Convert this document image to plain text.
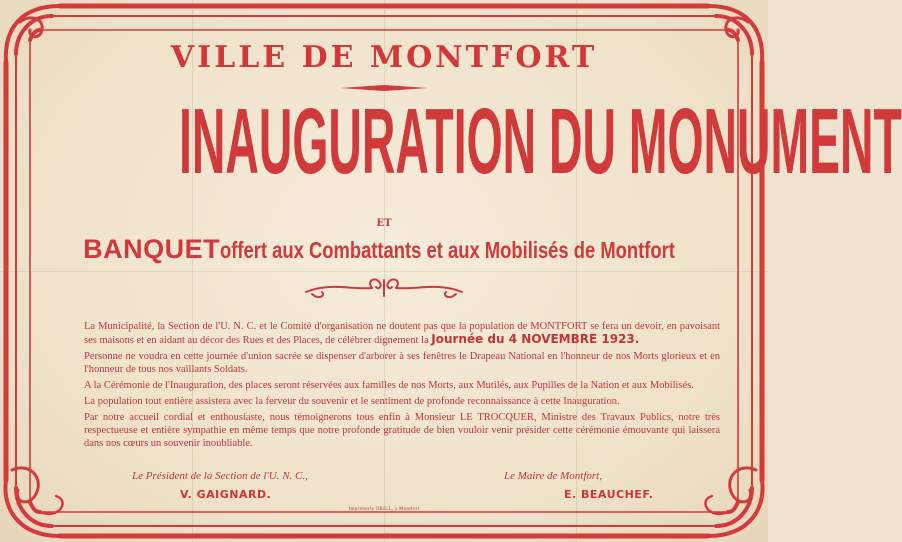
VILLE DE MONTFORT
INAUGURATION DU MONUMENT
ET
BANQUEToffert aux Combattants et aux Mobilisés de Montfort

La Municipalité, la Section de l'U. N. C. et le Comité d'organisation ne doutent pas que la population de MONTFORT se fera un devoir, en pavoisant ses maisons et en aidant au décor des Rues et des Places, de célébrer dignement la Journée du 4 NOVEMBRE 1923.

Personne ne voudra en cette journée d'union sacrée se dispenser d'arborer à ses fenêtres le Drapeau National en l'honneur de nos Morts glorieux et en l'honneur de tous nos vaillants Soldats.

A la Cérémonie de l'Inauguration, des places seront réservées aux familles de nos Morts, aux Mutilés, aux Pupilles de la Nation et aux Mobilisés.

La population tout entière assistera avec la ferveur du souvenir et le sentiment de profonde reconnaissance à cette Inauguration.

Par notre accueil cordial et enthousiaste, nous témoignerons tous enfin à Monsieur LE TROCQUER, Ministre des Travaux Publics, notre très respectueuse et entière sympathie en même temps que notre profonde gratitude de bien vouloir venir présider cette cérémonie émouvante qui laissera dans nos cœurs un souvenir inoubliable.

Le Président de la Section de l'U. N. C.,
V. GAIGNARD.
Le Maire de Montfort,
E. BEAUCHEF.
Imprimerie ORILL, à Montfort
